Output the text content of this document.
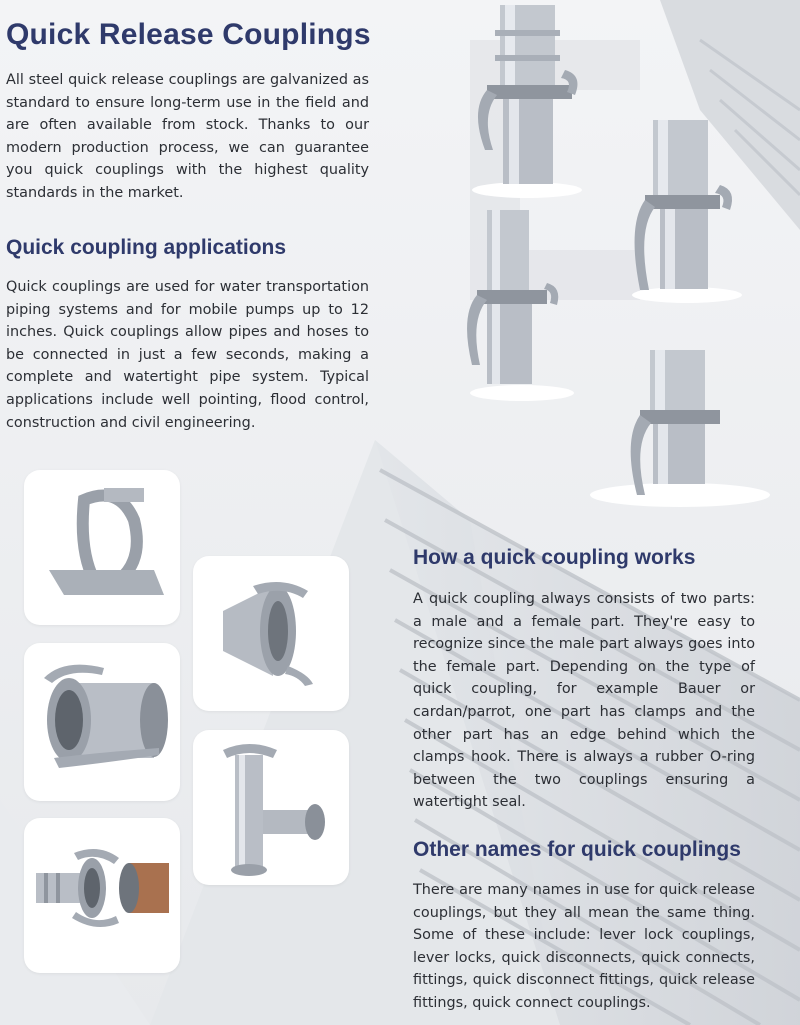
Quick Release Couplings

All steel quick release couplings are galvanized as standard to ensure long-term use in the field and are often available from stock. Thanks to our modern production process, we can guarantee you quick couplings with the highest quality standards in the market.

Quick coupling applications

Quick couplings are used for water transportation piping systems and for mobile pumps up to 12 inches. Quick couplings allow pipes and hoses to be connected in just a few seconds, making a complete and watertight pipe system. Typical applications include well pointing, flood control, construction and civil engineering.

How a quick coupling works

A quick coupling always consists of two parts: a male and a female part. They're easy to recognize since the male part always goes into the female part. Depending on the type of quick coupling, for example Bauer or cardan/parrot, one part has clamps and the other part has an edge behind which the clamps hook. There is always a rubber O-ring between the two couplings ensuring a watertight seal.

Other names for quick couplings

There are many names in use for quick release couplings, but they all mean the same thing. Some of these include: lever lock couplings, lever locks, quick disconnects, quick connects, fittings, quick disconnect fittings, quick release fittings, quick connect couplings.
